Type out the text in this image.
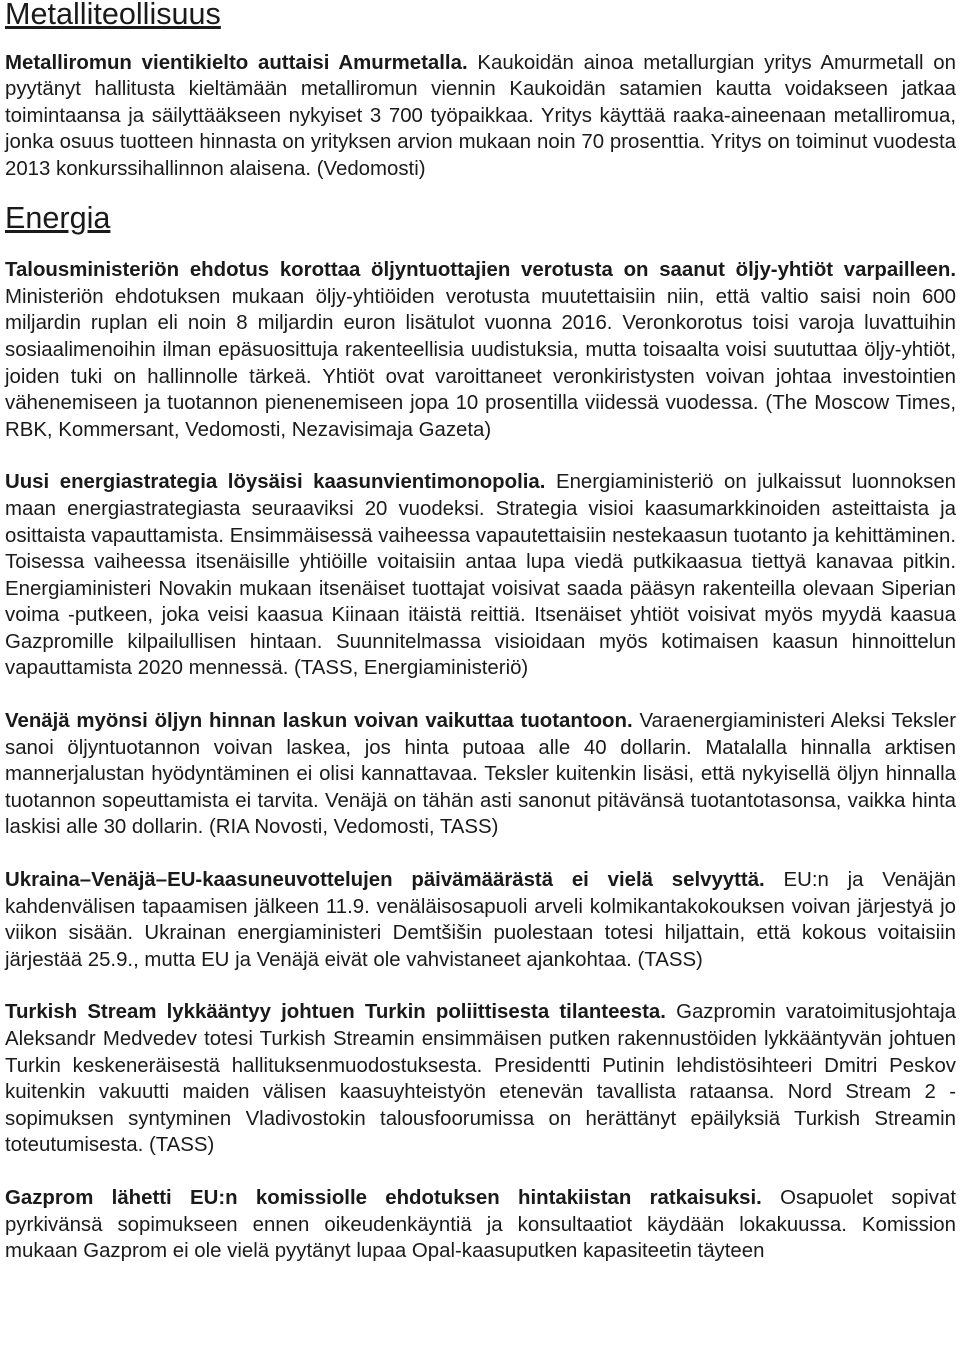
Metalliteollisuus

Metalliromun vientikielto auttaisi Amurmetalla. Kaukoidän ainoa metallurgian yritys Amurmetall on pyytänyt hallitusta kieltämään metalliromun viennin Kaukoidän satamien kautta voidakseen jatkaa toimintaansa ja säilyttääkseen nykyiset 3 700 työpaikkaa. Yritys käyttää raaka-aineenaan metalliromua, jonka osuus tuotteen hinnasta on yrityksen arvion mukaan noin 70 prosenttia. Yritys on toiminut vuodesta 2013 konkurssihallinnon alaisena. (Vedomosti)

Energia

Talousministeriön ehdotus korottaa öljyntuottajien verotusta on saanut öljy-yhtiöt varpailleen. Ministeriön ehdotuksen mukaan öljy-yhtiöiden verotusta muutettaisiin niin, että valtio saisi noin 600 miljardin ruplan eli noin 8 miljardin euron lisätulot vuonna 2016. Veronkorotus toisi varoja luvattuihin sosiaalimenoihin ilman epäsuosittuja rakenteellisia uudistuksia, mutta toisaalta voisi suututtaa öljy-yhtiöt, joiden tuki on hallinnolle tärkeä. Yhtiöt ovat varoittaneet veronkiristysten voivan johtaa investointien vähenemiseen ja tuotannon pienenemiseen jopa 10 prosentilla viidessä vuodessa. (The Moscow Times, RBK, Kommersant, Vedomosti, Nezavisimaja Gazeta)

Uusi energiastrategia löysäisi kaasunvientimonopolia. Energiaministeriö on julkaissut luonnoksen maan energiastrategiasta seuraaviksi 20 vuodeksi. Strategia visioi kaasumarkkinoiden asteittaista ja osittaista vapauttamista. Ensimmäisessä vaiheessa vapautettaisiin nestekaasun tuotanto ja kehittäminen. Toisessa vaiheessa itsenäisille yhtiöille voitaisiin antaa lupa viedä putkikaasua tiettyä kanavaa pitkin. Energiaministeri Novakin mukaan itsenäiset tuottajat voisivat saada pääsyn rakenteilla olevaan Siperian voima -putkeen, joka veisi kaasua Kiinaan itäistä reittiä. Itsenäiset yhtiöt voisivat myös myydä kaasua Gazpromille kilpailullisen hintaan. Suunnitelmassa visioidaan myös kotimaisen kaasun hinnoittelun vapauttamista 2020 mennessä. (TASS, Energiaministeriö)

Venäjä myönsi öljyn hinnan laskun voivan vaikuttaa tuotantoon. Varaenergiaministeri Aleksi Teksler sanoi öljyntuotannon voivan laskea, jos hinta putoaa alle 40 dollarin. Matalalla hinnalla arktisen mannerjalustan hyödyntäminen ei olisi kannattavaa. Teksler kuitenkin lisäsi, että nykyisellä öljyn hinnalla tuotannon sopeuttamista ei tarvita. Venäjä on tähän asti sanonut pitävänsä tuotantotasonsa, vaikka hinta laskisi alle 30 dollarin. (RIA Novosti, Vedomosti, TASS)

Ukraina–Venäjä–EU-kaasuneuvottelujen päivämäärästä ei vielä selvyyttä. EU:n ja Venäjän kahdenvälisen tapaamisen jälkeen 11.9. venäläisosapuoli arveli kolmikantakokouksen voivan järjestyä jo viikon sisään. Ukrainan energiaministeri Demtšišin puolestaan totesi hiljattain, että kokous voitaisiin järjestää 25.9., mutta EU ja Venäjä eivät ole vahvistaneet ajankohtaa. (TASS)

Turkish Stream lykkääntyy johtuen Turkin poliittisesta tilanteesta. Gazpromin varatoimitusjohtaja Aleksandr Medvedev totesi Turkish Streamin ensimmäisen putken rakennustöiden lykkääntyvän johtuen Turkin keskeneräisestä hallituksenmuodostuksesta. Presidentti Putinin lehdistösihteeri Dmitri Peskov kuitenkin vakuutti maiden välisen kaasuyhteistyön etenevän tavallista rataansa. Nord Stream 2 -sopimuksen syntyminen Vladivostokin talousfoorumissa on herättänyt epäilyksiä Turkish Streamin toteutumisesta. (TASS)

Gazprom lähetti EU:n komissiolle ehdotuksen hintakiistan ratkaisuksi. Osapuolet sopivat pyrkivänsä sopimukseen ennen oikeudenkäyntiä ja konsultaatiot käydään lokakuussa. Komission mukaan Gazprom ei ole vielä pyytänyt lupaa Opal-kaasuputken kapasiteetin täyteen
